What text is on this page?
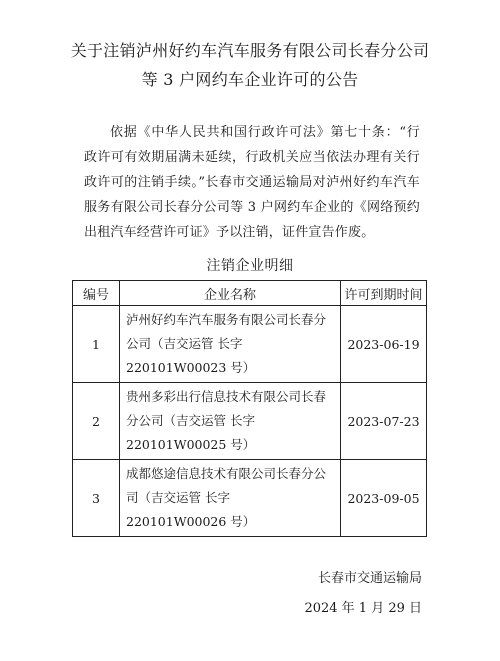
关于注销泸州好约车汽车服务有限公司长春分公司
等 3 户网约车企业许可的公告

依据《中华人民共和国行政许可法》第七十条：“行政许可有效期届满未延续，行政机关应当依法办理有关行政许可的注销手续。”长春市交通运输局对泸州好约车汽车服务有限公司长春分公司等 3 户网约车企业的《网络预约出租汽车经营许可证》予以注销，证件宣告作废。

注销企业明细
编号	企业名称	许可到期时间
1	泸州好约车汽车服务有限公司长春分公司（吉交运管 长字 220101W00023 号）	2023-06-19
2	贵州多彩出行信息技术有限公司长春分公司（吉交运管 长字 220101W00025 号）	2023-07-23
3	成都悠途信息技术有限公司长春分公司（吉交运管 长字 220101W00026 号）	2023-09-05
长春市交通运输局
2024 年 1 月 29 日
